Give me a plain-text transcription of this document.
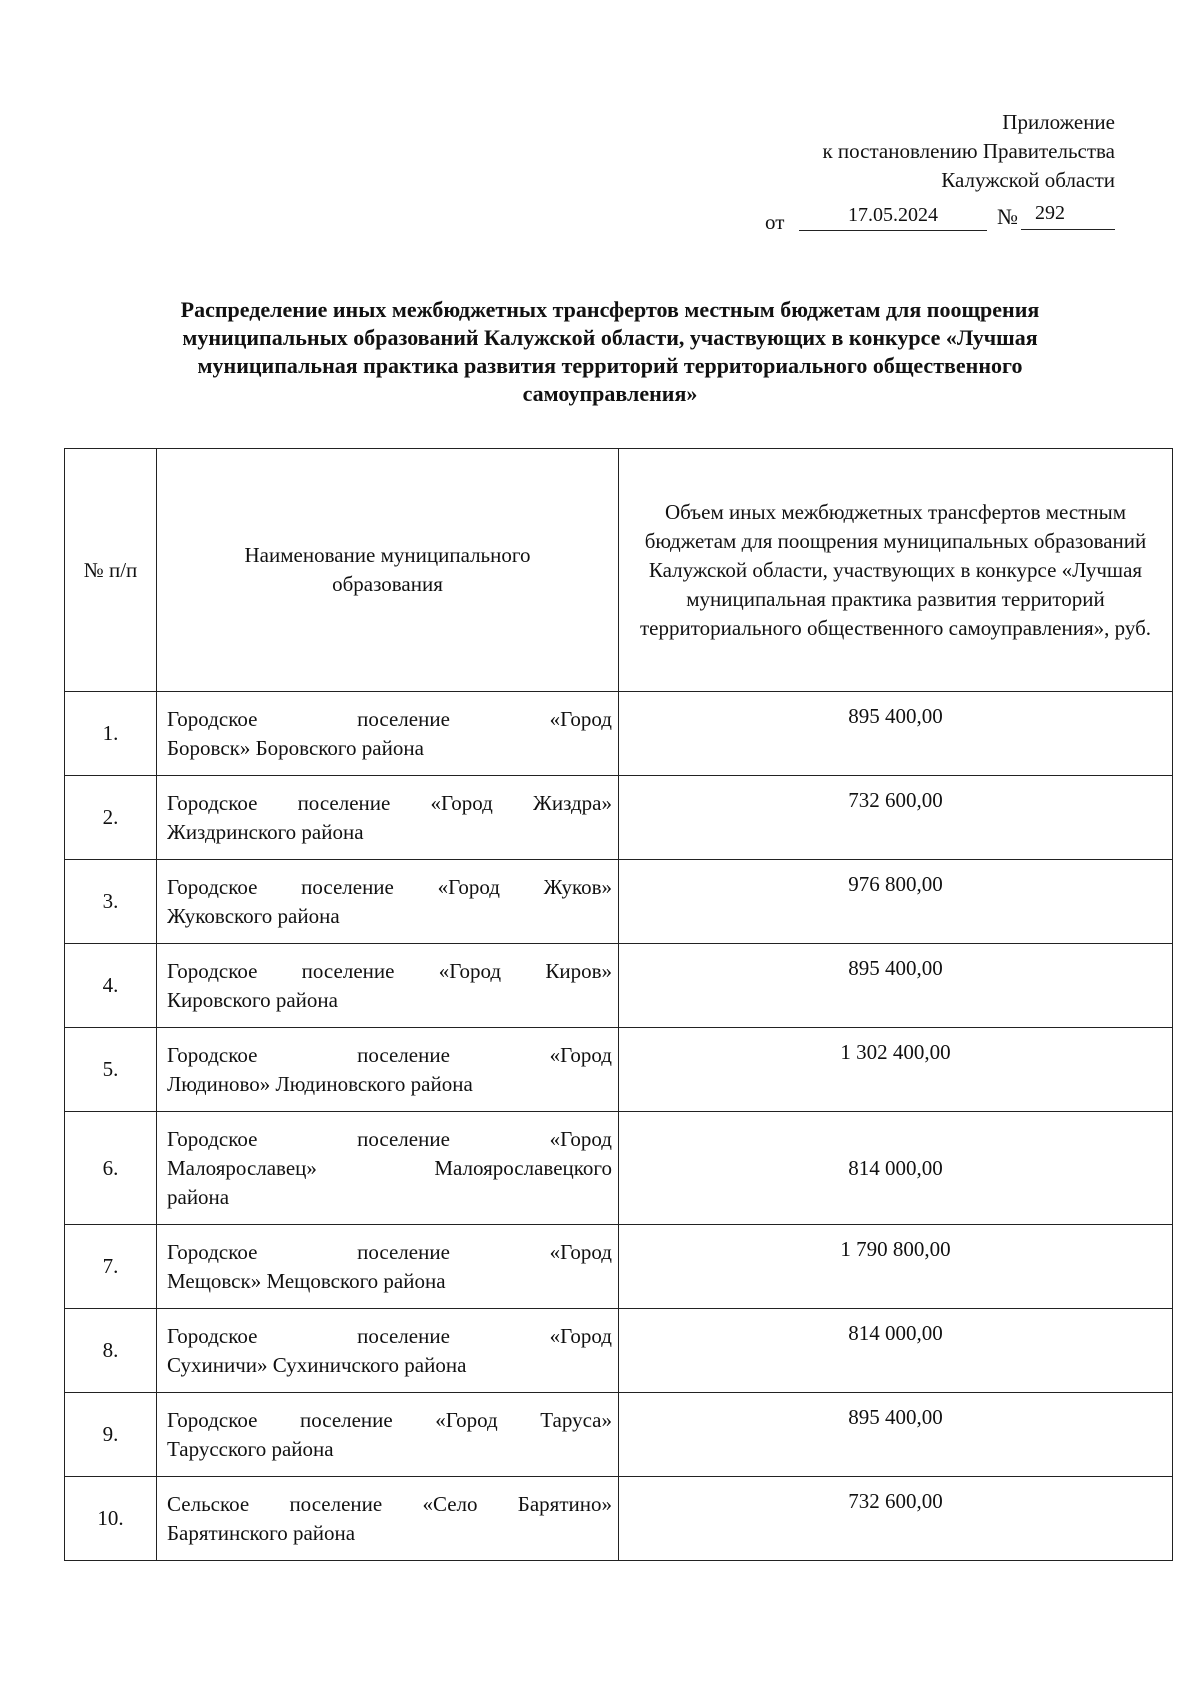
Приложение
к постановлению Правительства
Калужской области
от	17.05.2024	№ 292
Распределение иных межбюджетных трансфертов местным бюджетам для поощрения муниципальных образований Калужской области, участвующих в конкурсе «Лучшая муниципальная практика развития территорий территориального общественного самоуправления»
№ п/п	Наименование муниципального образования	Объем иных межбюджетных трансфертов местным бюджетам для поощрения муниципальных образований Калужской области, участвующих в конкурсе «Лучшая муниципальная практика развития территорий территориального общественного самоуправления», руб.
1.	Городское поселение «Город
Боровск» Боровского района	895 400,00
2.	Городское поселение «Город Жиздра»
Жиздринского района	732 600,00
3.	Городское поселение «Город Жуков»
Жуковского района	976 800,00
4.	Городское поселение «Город Киров»
Кировского района	895 400,00
5.	Городское поселение «Город
Людиново» Людиновского района	1 302 400,00
6.	Городское поселение «Город
Малоярославец» Малоярославецкого
района	814 000,00
7.	Городское поселение «Город
Мещовск» Мещовского района	1 790 800,00
8.	Городское поселение «Город
Сухиничи» Сухиничского района	814 000,00
9.	Городское поселение «Город Таруса»
Тарусского района	895 400,00
10.	Сельское поселение «Село Барятино»
Барятинского района	732 600,00
